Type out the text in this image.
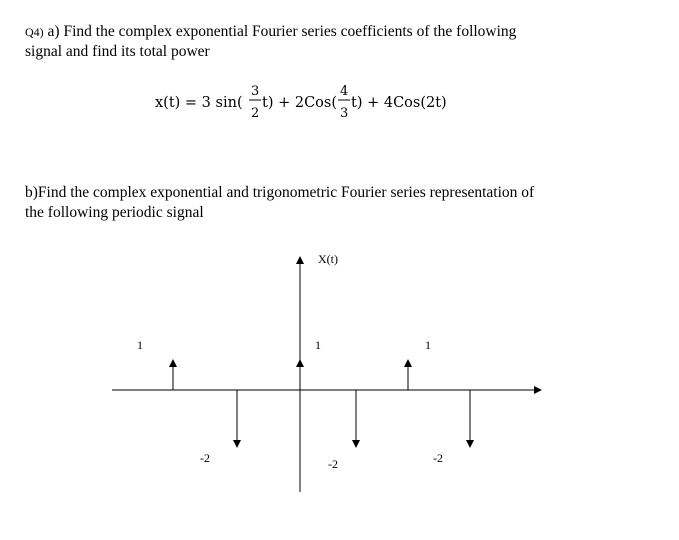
Q4) a) Find the complex exponential Fourier series coefficients of the following
signal and find its total power
x(t) = 3 sin(
3
2
t) + 2Cos(
4
3
t) + 4Cos(2t)
b)Find the complex exponential and trigonometric Fourier series representation of
the following periodic signal
X(t)
1
-2
1
-2
1
-2
